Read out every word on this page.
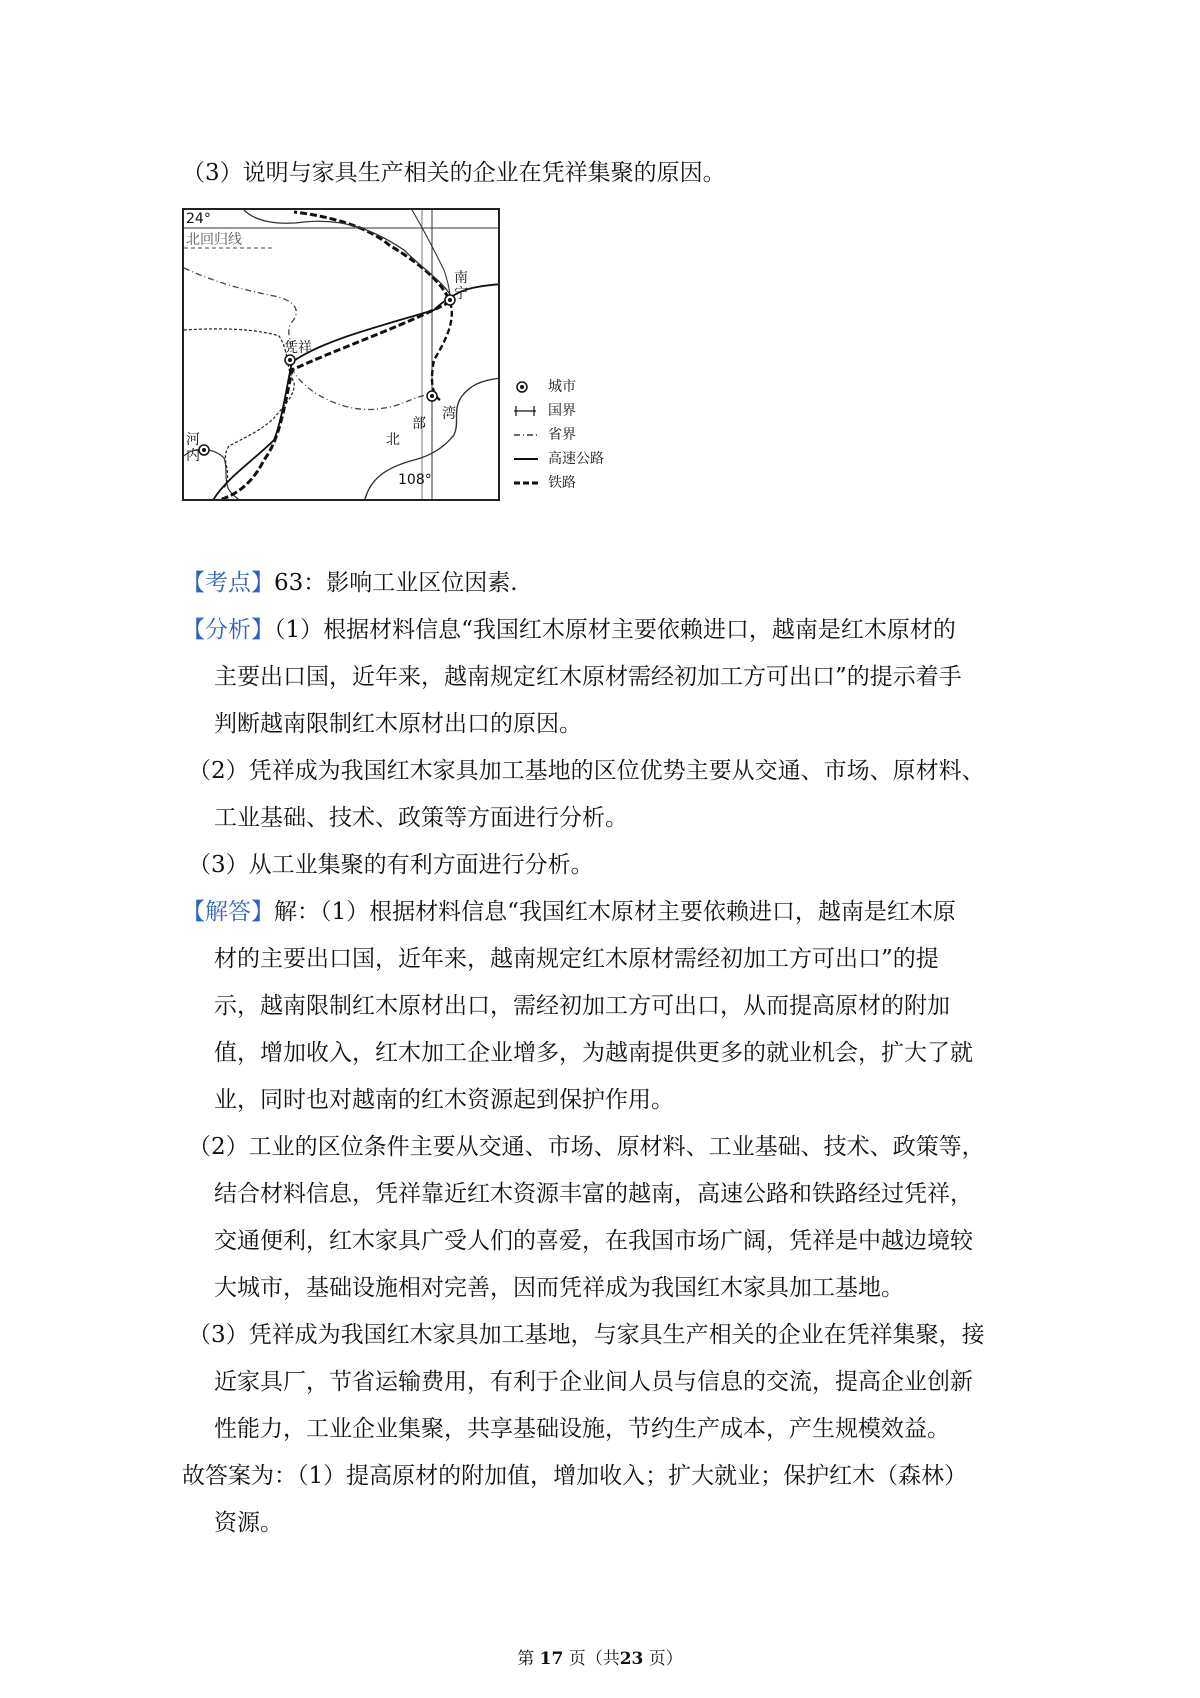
（3）说明与家具生产相关的企业在凭祥集聚的原因。
24°
北回归线
南
宁
凭祥
河
内
北
部
湾
108°
城市
国界
省界
高速公路
铁路
【考点】63：影响工业区位因素.
【分析】（1）根据材料信息“我国红木原材主要依赖进口，越南是红木原材的
主要出口国，近年来，越南规定红木原材需经初加工方可出口”的提示着手
判断越南限制红木原材出口的原因。
（2）凭祥成为我国红木家具加工基地的区位优势主要从交通、市场、原材料、
工业基础、技术、政策等方面进行分析。
（3）从工业集聚的有利方面进行分析。
【解答】解：（1）根据材料信息“我国红木原材主要依赖进口，越南是红木原
材的主要出口国，近年来，越南规定红木原材需经初加工方可出口”的提
示，越南限制红木原材出口，需经初加工方可出口，从而提高原材的附加
值，增加收入，红木加工企业增多，为越南提供更多的就业机会，扩大了就
业，同时也对越南的红木资源起到保护作用。
（2）工业的区位条件主要从交通、市场、原材料、工业基础、技术、政策等，
结合材料信息，凭祥靠近红木资源丰富的越南，高速公路和铁路经过凭祥，
交通便利，红木家具广受人们的喜爱，在我国市场广阔，凭祥是中越边境较
大城市，基础设施相对完善，因而凭祥成为我国红木家具加工基地。
（3）凭祥成为我国红木家具加工基地，与家具生产相关的企业在凭祥集聚，接
近家具厂，节省运输费用，有利于企业间人员与信息的交流，提高企业创新
性能力，工业企业集聚，共享基础设施，节约生产成本，产生规模效益。
故答案为：（1）提高原材的附加值，增加收入；扩大就业；保护红木（森林）
资源。
第 17 页（共23 页）
